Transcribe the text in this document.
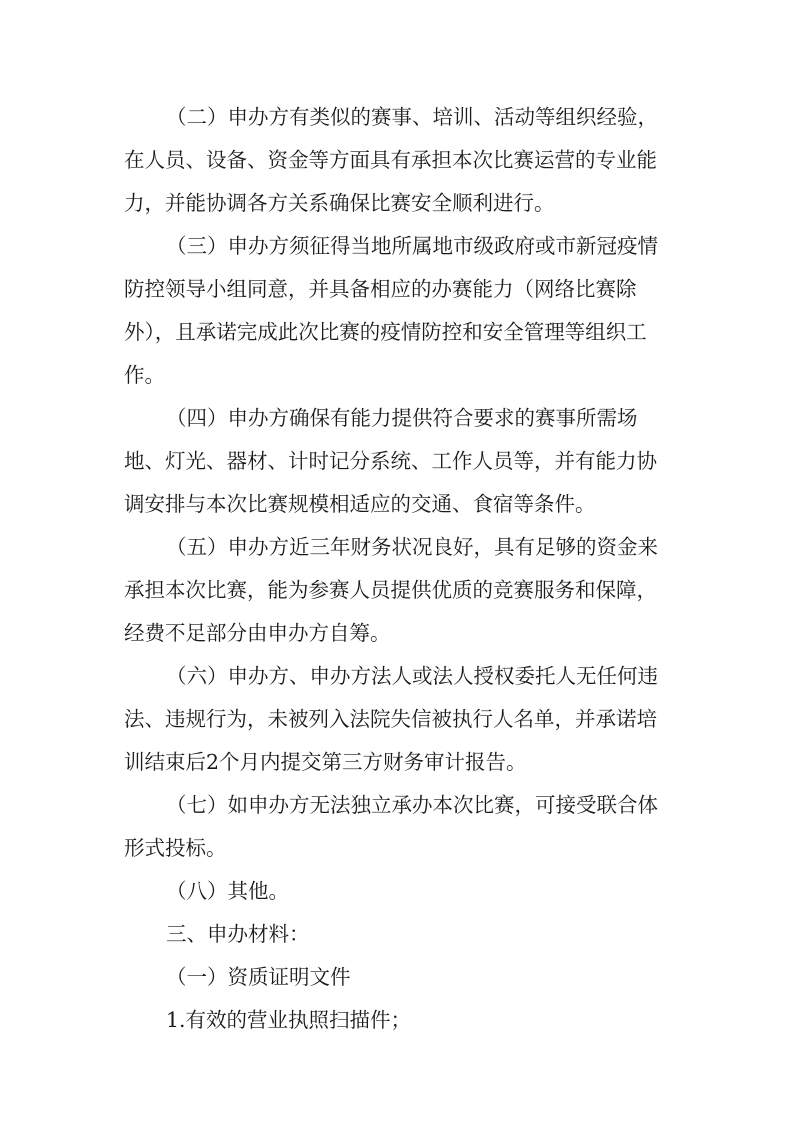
（二）申办方有类似的赛事、培训、活动等组织经验，
在人员、设备、资金等方面具有承担本次比赛运营的专业能
力，并能协调各方关系确保比赛安全顺利进行。
（三）申办方须征得当地所属地市级政府或市新冠疫情
防控领导小组同意，并具备相应的办赛能力（网络比赛除
外），且承诺完成此次比赛的疫情防控和安全管理等组织工
作。
（四）申办方确保有能力提供符合要求的赛事所需场
地、灯光、器材、计时记分系统、工作人员等，并有能力协
调安排与本次比赛规模相适应的交通、食宿等条件。
（五）申办方近三年财务状况良好，具有足够的资金来
承担本次比赛，能为参赛人员提供优质的竞赛服务和保障，
经费不足部分由申办方自筹。
（六）申办方、申办方法人或法人授权委托人无任何违
法、违规行为，未被列入法院失信被执行人名单，并承诺培
训结束后2个月内提交第三方财务审计报告。
（七）如申办方无法独立承办本次比赛，可接受联合体
形式投标。
（八）其他。
三、申办材料：
（一）资质证明文件
1.有效的营业执照扫描件；
